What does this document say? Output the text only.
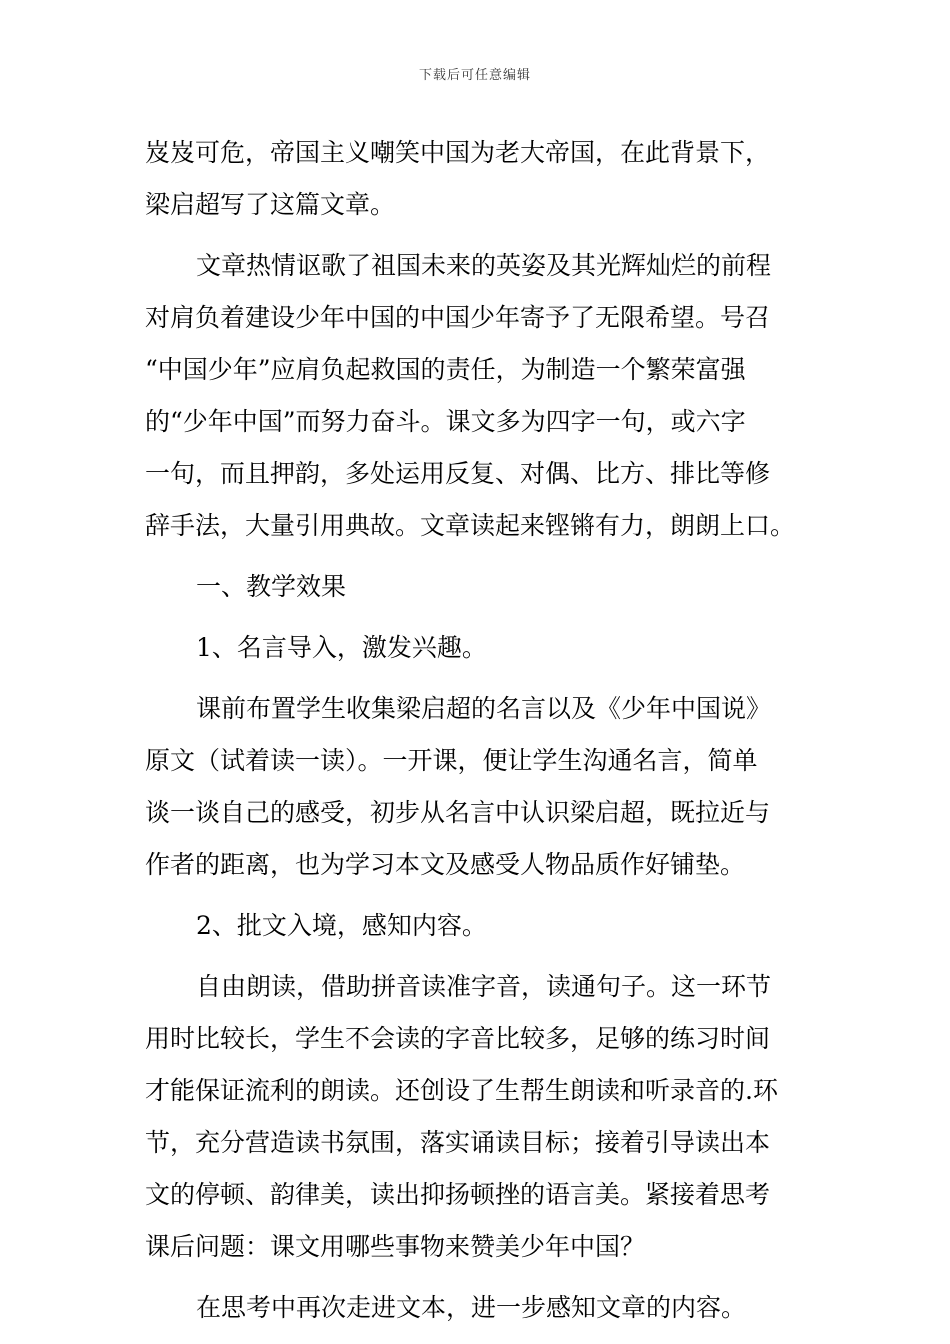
下载后可任意编辑
岌岌可危，帝国主义嘲笑中国为老大帝国，在此背景下，
梁启超写了这篇文章。
文章热情讴歌了祖国未来的英姿及其光辉灿烂的前程
对肩负着建设少年中国的中国少年寄予了无限希望。号召
“中国少年”应肩负起救国的责任，为制造一个繁荣富强
的“少年中国”而努力奋斗。课文多为四字一句，或六字
一句，而且押韵，多处运用反复、对偶、比方、排比等修
辞手法，大量引用典故。文章读起来铿锵有力，朗朗上口。
一、教学效果
1、名言导入，激发兴趣。
课前布置学生收集梁启超的名言以及《少年中国说》
原文（试着读一读）。一开课，便让学生沟通名言，简单
谈一谈自己的感受，初步从名言中认识梁启超，既拉近与
作者的距离，也为学习本文及感受人物品质作好铺垫。
2、批文入境，感知内容。
自由朗读，借助拼音读准字音，读通句子。这一环节
用时比较长，学生不会读的字音比较多，足够的练习时间
才能保证流利的朗读。还创设了生帮生朗读和听录音的.环
节，充分营造读书氛围，落实诵读目标；接着引导读出本
文的停顿、韵律美，读出抑扬顿挫的语言美。紧接着思考
课后问题：课文用哪些事物来赞美少年中国？
在思考中再次走进文本，进一步感知文章的内容。
